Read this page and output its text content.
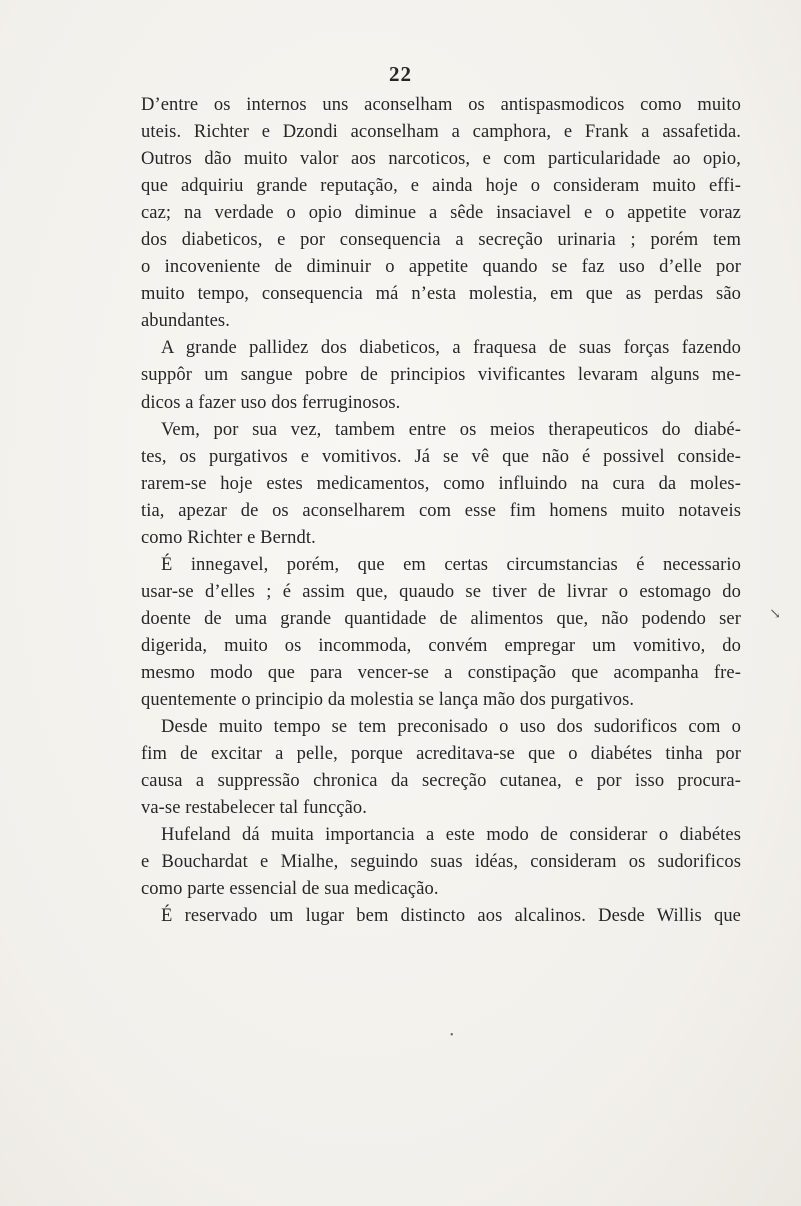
22
D’entre os internos uns aconselham os antispasmodicos como muito
uteis. Richter e Dzondi aconselham a camphora, e Frank a assafetida.
Outros dão muito valor aos narcoticos, e com particularidade ao opio,
que adquiriu grande reputação, e ainda hoje o consideram muito effi-
caz; na verdade o opio diminue a sêde insaciavel e o appetite voraz
dos diabeticos, e por consequencia a secreção urinaria ; porém tem
o incoveniente de diminuir o appetite quando se faz uso d’elle por
muito tempo, consequencia má n’esta molestia, em que as perdas são
abundantes.
A grande pallidez dos diabeticos, a fraquesa de suas forças fazendo
suppôr um sangue pobre de principios vivificantes levaram alguns me-
dicos a fazer uso dos ferruginosos.
Vem, por sua vez, tambem entre os meios therapeuticos do diabé-
tes, os purgativos e vomitivos. Já se vê que não é possivel conside-
rarem-se hoje estes medicamentos, como influindo na cura da moles-
tia, apezar de os aconselharem com esse fim homens muito notaveis
como Richter e Berndt.
É innegavel, porém, que em certas circumstancias é necessario
usar-se d’elles ; é assim que, quaudo se tiver de livrar o estomago do
doente de uma grande quantidade de alimentos que, não podendo ser
digerida, muito os incommoda, convém empregar um vomitivo, do
mesmo modo que para vencer-se a constipação que acompanha fre-
quentemente o principio da molestia se lança mão dos purgativos.
Desde muito tempo se tem preconisado o uso dos sudorificos com o
fim de excitar a pelle, porque acreditava-se que o diabétes tinha por
causa a suppressão chronica da secreção cutanea, e por isso procura-
va-se restabelecer tal funcção.
Hufeland dá muita importancia a este modo de considerar o diabétes
e Bouchardat e Mialhe, seguindo suas idéas, consideram os sudorificos
como parte essencial de sua medicação.
É reservado um lugar bem distincto aos alcalinos. Desde Willis que
↘
•
